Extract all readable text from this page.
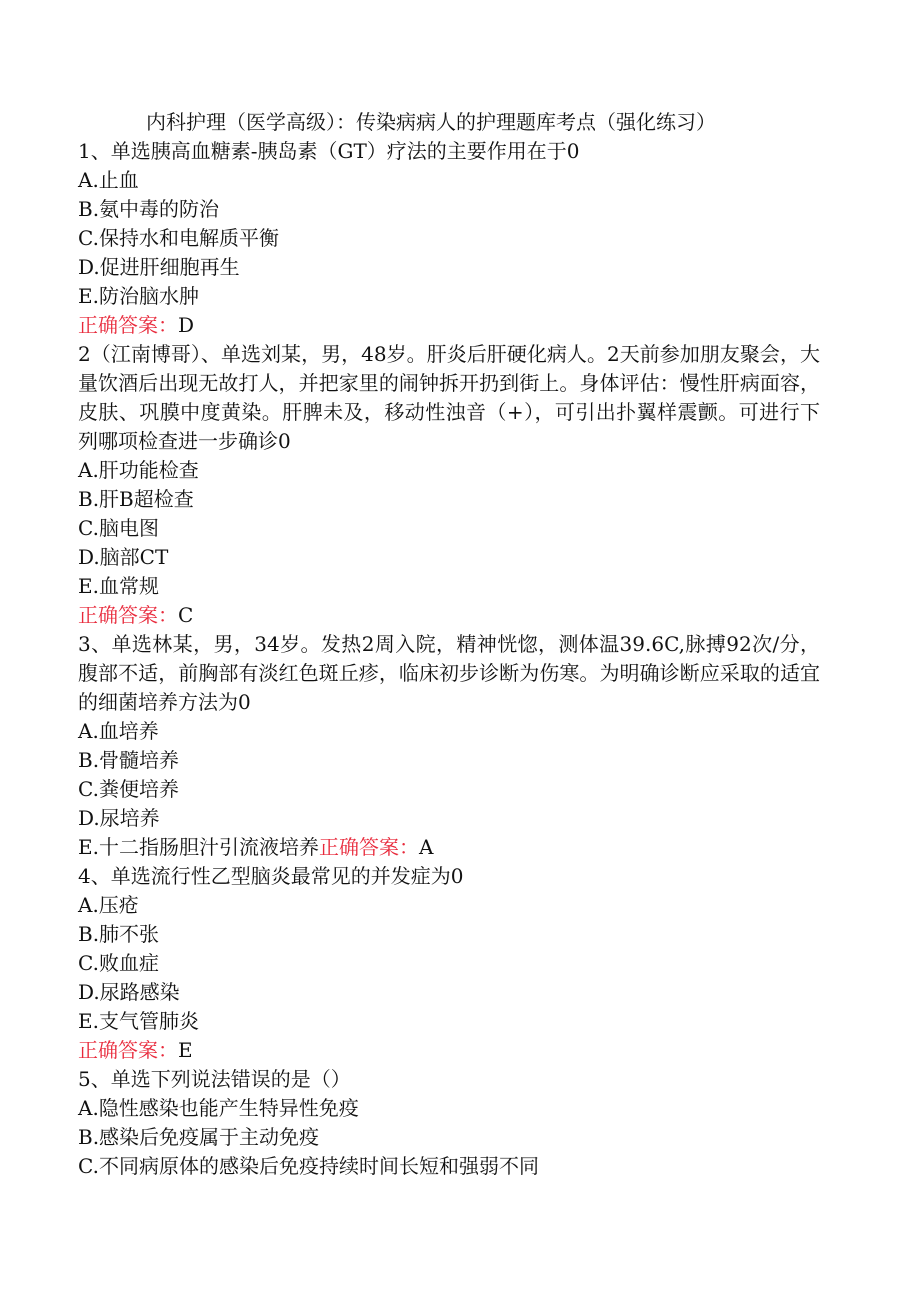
内科护理（医学高级）：传染病病人的护理题库考点（强化练习）
1、单选胰高血糖素-胰岛素（GT）疗法的主要作用在于0
A.止血
B.氨中毒的防治
C.保持水和电解质平衡
D.促进肝细胞再生
E.防治脑水肿
正确答案：D
2（江南博哥）、单选刘某，男，48岁。肝炎后肝硬化病人。2天前参加朋友聚会，大量饮酒后出现无故打人，并把家里的闹钟拆开扔到街上。身体评估：慢性肝病面容，皮肤、巩膜中度黄染。肝脾未及，移动性浊音（+），可引出扑翼样震颤。可进行下列哪项检查进一步确诊0
A.肝功能检查
B.肝B超检查
C.脑电图
D.脑部CT
E.血常规
正确答案：C
3、单选林某，男，34岁。发热2周入院，精神恍惚，测体温39.6C,脉搏92次/分，腹部不适，前胸部有淡红色斑丘疹，临床初步诊断为伤寒。为明确诊断应采取的适宜的细菌培养方法为0
A.血培养
B.骨髓培养
C.粪便培养
D.尿培养
E.十二指肠胆汁引流液培养正确答案：A
4、单选流行性乙型脑炎最常见的并发症为0
A.压疮
B.肺不张
C.败血症
D.尿路感染
E.支气管肺炎
正确答案：E
5、单选下列说法错误的是（）
A.隐性感染也能产生特异性免疫
B.感染后免疫属于主动免疫
C.不同病原体的感染后免疫持续时间长短和强弱不同
